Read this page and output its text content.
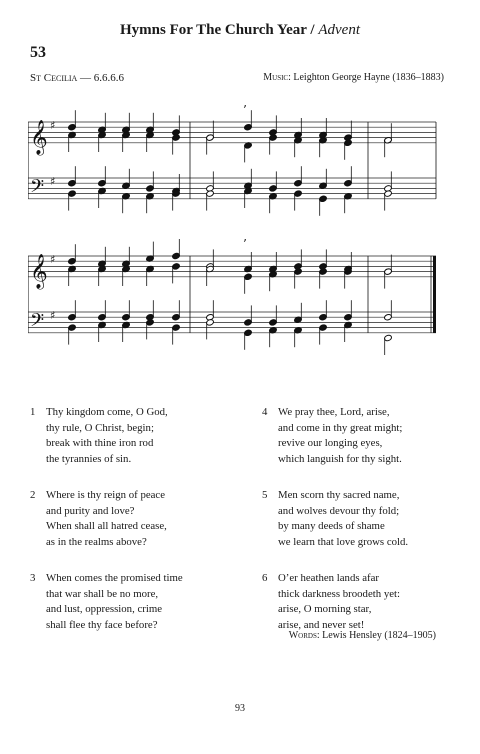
Hymns For The Church Year / Advent
53
St Cecilia — 6.6.6.6	Music: Leighton George Hayne (1836–1883)
𝄞 ♯
𝄢 ♯
’
𝄞 ♯
𝄢 ♯
’
1 Thy kingdom come, O God,
thy rule, O Christ, begin;
break with thine iron rod
the tyrannies of sin.
2 Where is thy reign of peace
and purity and love?
When shall all hatred cease,
as in the realms above?
3 When comes the promised time
that war shall be no more,
and lust, oppression, crime
shall flee thy face before?
4 We pray thee, Lord, arise,
and come in thy great might;
revive our longing eyes,
which languish for thy sight.
5 Men scorn thy sacred name,
and wolves devour thy fold;
by many deeds of shame
we learn that love grows cold.
6 O’er heathen lands afar
thick darkness broodeth yet:
arise, O morning star,
arise, and never set!
Words: Lewis Hensley (1824–1905)
93
